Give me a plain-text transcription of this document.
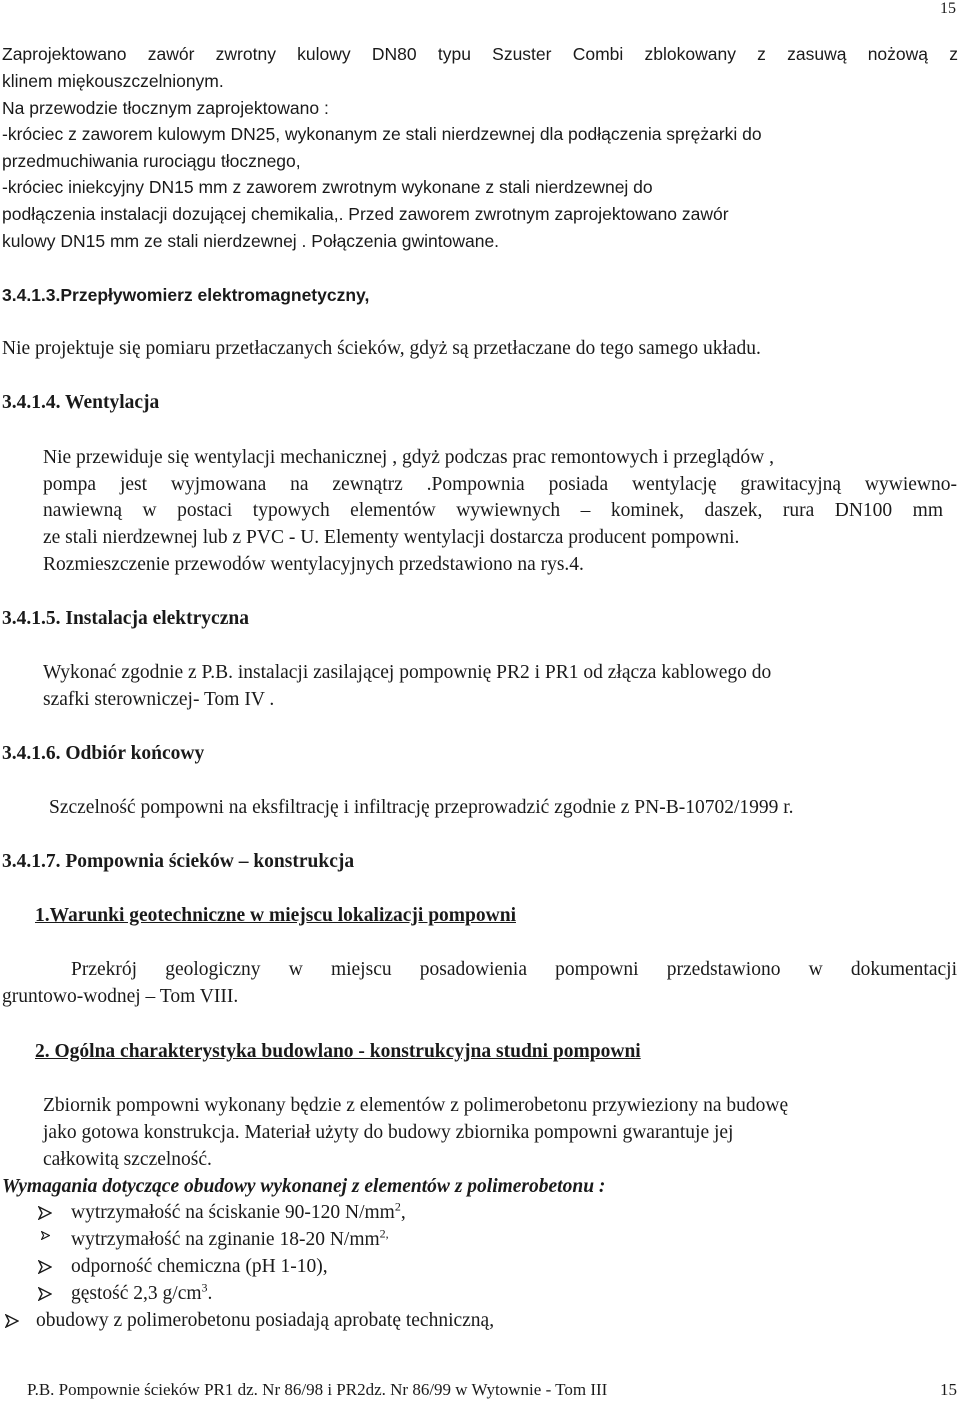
15
Zaprojektowano zawór zwrotny kulowy DN80 typu Szuster Combi zblokowany z zasuwą nożową z
klinem miękouszczelnionym.
Na przewodzie tłocznym zaprojektowano :
-króciec z zaworem kulowym DN25, wykonanym ze stali nierdzewnej dla podłączenia sprężarki do
przedmuchiwania rurociągu tłocznego,
-króciec iniekcyjny DN15 mm z zaworem zwrotnym wykonane z stali nierdzewnej do
podłączenia instalacji dozującej chemikalia,. Przed zaworem zwrotnym zaprojektowano zawór
kulowy DN15 mm ze stali nierdzewnej . Połączenia gwintowane.
3.4.1.3.Przepływomierz elektromagnetyczny,
Nie projektuje się pomiaru przetłaczanych ścieków, gdyż są przetłaczane do tego samego układu.
3.4.1.4. Wentylacja
Nie przewiduje się wentylacji mechanicznej , gdyż podczas prac remontowych i przeglądów ,
pompa jest wyjmowana na zewnątrz .Pompownia posiada wentylację grawitacyjną wywiewno-
nawiewną w postaci typowych elementów wywiewnych – kominek, daszek, rura DN100 mm
ze stali nierdzewnej lub z PVC - U. Elementy wentylacji dostarcza producent pompowni.
Rozmieszczenie przewodów wentylacyjnych przedstawiono na rys.4.
3.4.1.5. Instalacja elektryczna
Wykonać zgodnie z P.B. instalacji zasilającej pompownię PR2 i PR1 od złącza kablowego do
szafki sterowniczej- Tom IV .
3.4.1.6. Odbiór końcowy
Szczelność pompowni na eksfiltrację i infiltrację przeprowadzić zgodnie z PN-B-10702/1999 r.
3.4.1.7. Pompownia ścieków – konstrukcja
1.Warunki geotechniczne w miejscu lokalizacji pompowni
Przekrój geologiczny w miejscu posadowienia pompowni przedstawiono w dokumentacji
gruntowo-wodnej – Tom VIII.
2. Ogólna charakterystyka budowlano - konstrukcyjna studni pompowni
Zbiornik pompowni wykonany będzie z elementów z polimerobetonu przywieziony na budowę
jako gotowa konstrukcja. Materiał użyty do budowy zbiornika pompowni gwarantuje jej
całkowitą szczelność.
Wymagania dotyczące obudowy wykonanej z elementów z polimerobetonu :
wytrzymałość na ściskanie 90-120 $N/mm^2$,
wytrzymałość na zginanie 18-20 $N/mm^{2,}$
odporność chemiczna (pH 1-10),
gęstość 2,3 $g/cm^3$.
obudowy z polimerobetonu posiadają aprobatę techniczną,
P.B. Pompownie ścieków PR1 dz. Nr 86/98 i PR2dz. Nr 86/99 w Wytownie - Tom III	15
